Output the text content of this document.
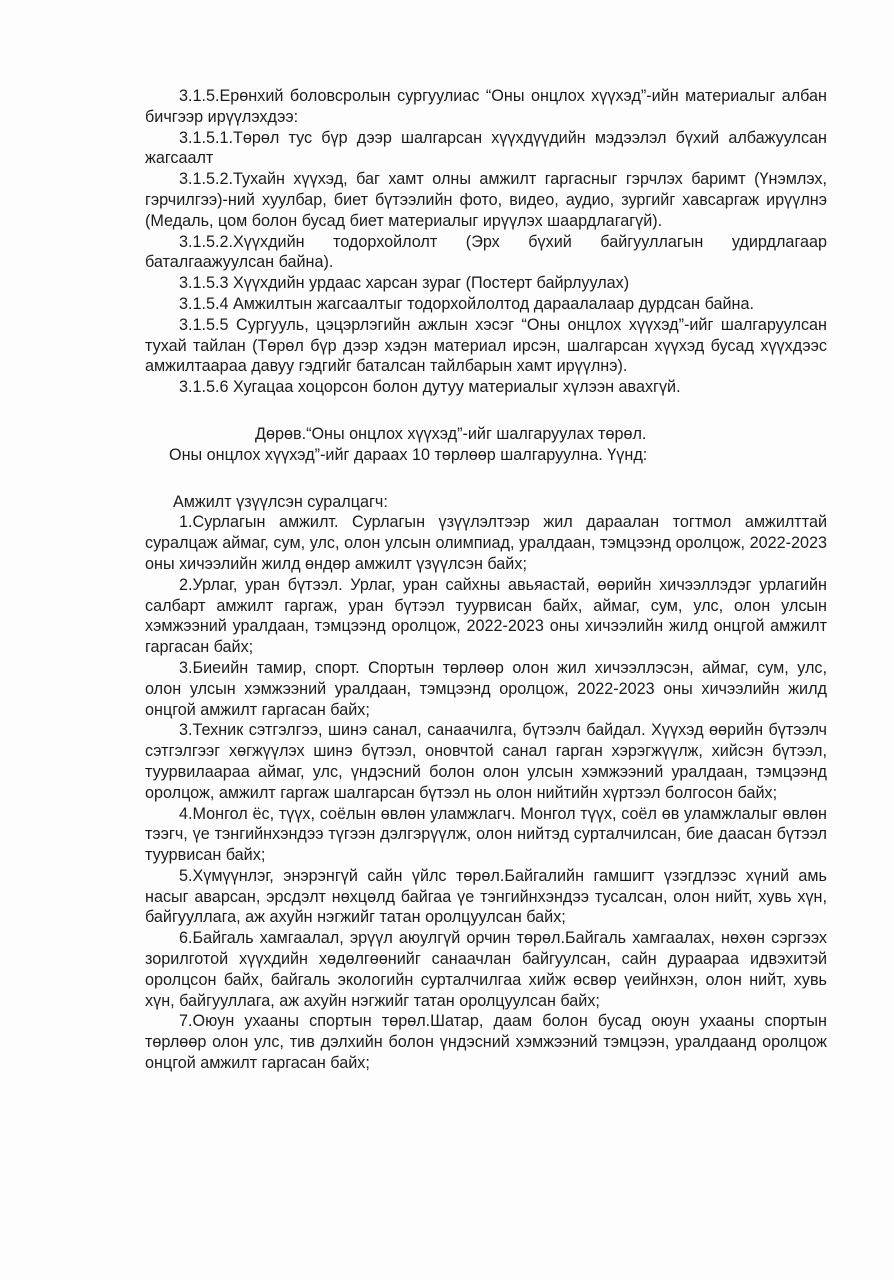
3.1.5.Ерөнхий боловсролын сургуулиас “Оны онцлох хүүхэд”-ийн материалыг албан бичгээр ирүүлэхдээ:

3.1.5.1.Төрөл тус бүр дээр шалгарсан хүүхдүүдийн мэдээлэл бүхий албажуулсан жагсаалт

3.1.5.2.Тухайн хүүхэд, баг хамт олны амжилт гаргасныг гэрчлэх баримт (Үнэмлэх, гэрчилгээ)-ний хуулбар, биет бүтээлийн фото, видео, аудио, зургийг хавсаргаж ирүүлнэ (Медаль, цом болон бусад биет материалыг ирүүлэх шаардлагагүй).

3.1.5.2.Хүүхдийн тодорхойлолт (Эрх бүхий байгууллагын удирдлагаар баталгаажуулсан байна).

3.1.5.3 Хүүхдийн урдаас харсан зураг (Постерт байрлуулах)

3.1.5.4 Амжилтын жагсаалтыг тодорхойлолтод дараалалаар дурдсан байна.

3.1.5.5 Сургууль, цэцэрлэгийн ажлын хэсэг “Оны онцлох хүүхэд”-ийг шалгаруулсан тухай тайлан (Төрөл бүр дээр хэдэн материал ирсэн, шалгарсан хүүхэд бусад хүүхдээс амжилтаараа давуу гэдгийг баталсан тайлбарын хамт ирүүлнэ).

3.1.5.6 Хугацаа хоцорсон болон дутуу материалыг хүлээн авахгүй.

Дөрөв.“Оны онцлох хүүхэд”-ийг шалгаруулах төрөл.

Оны онцлох хүүхэд”-ийг дараах 10 төрлөөр шалгаруулна. Үүнд:

Амжилт үзүүлсэн суралцагч:

1.Сурлагын амжилт. Сурлагын үзүүлэлтээр жил дараалан тогтмол амжилттай суралцаж аймаг, сум, улс, олон улсын олимпиад, уралдаан, тэмцээнд оролцож, 2022-2023 оны хичээлийн жилд өндөр амжилт үзүүлсэн байх;

2.Урлаг, уран бүтээл. Урлаг, уран сайхны авьяастай, өөрийн хичээллэдэг урлагийн салбарт амжилт гаргаж, уран бүтээл туурвисан байх, аймаг, сум, улс, олон улсын хэмжээний уралдаан, тэмцээнд оролцож, 2022-2023 оны хичээлийн жилд онцгой амжилт гаргасан байх;

3.Биеийн тамир, спорт. Спортын төрлөөр олон жил хичээллэсэн, аймаг, сум, улс, олон улсын хэмжээний уралдаан, тэмцээнд оролцож, 2022-2023 оны хичээлийн жилд онцгой амжилт гаргасан байх;

3.Техник сэтгэлгээ, шинэ санал, санаачилга, бүтээлч байдал. Хүүхэд өөрийн бүтээлч сэтгэлгээг хөгжүүлэх шинэ бүтээл, оновчтой санал гарган хэрэгжүүлж, хийсэн бүтээл, туурвилаараа аймаг, улс, үндэсний болон олон улсын хэмжээний уралдаан, тэмцээнд оролцож, амжилт гаргаж шалгарсан бүтээл нь олон нийтийн хүртээл болгосон байх;

4.Монгол ёс, түүх, соёлын өвлөн уламжлагч. Монгол түүх, соёл өв уламжлалыг өвлөн тээгч, үе тэнгийнхэндээ түгээн дэлгэрүүлж, олон нийтэд сурталчилсан, бие даасан бүтээл туурвисан байх;

5.Хүмүүнлэг, энэрэнгүй сайн үйлс төрөл.Байгалийн гамшигт үзэгдлээс хүний амь насыг аварсан, эрсдэлт нөхцөлд байгаа үе тэнгийнхэндээ тусалсан, олон нийт, хувь хүн, байгууллага, аж ахуйн нэгжийг татан оролцуулсан байх;

6.Байгаль хамгаалал, эрүүл аюулгүй орчин төрөл.Байгаль хамгаалах, нөхөн сэргээх зорилготой хүүхдийн хөдөлгөөнийг санаачлан байгуулсан, сайн дураараа идвэхитэй оролцсон байх, байгаль экологийн сурталчилгаа хийж өсвөр үеийнхэн, олон нийт, хувь хүн, байгууллага, аж ахуйн нэгжийг татан оролцуулсан байх;

7.Оюун ухааны спортын төрөл.Шатар, даам болон бусад оюун ухааны спортын төрлөөр олон улс, тив дэлхийн болон үндэсний хэмжээний тэмцээн, уралдаанд оролцож онцгой амжилт гаргасан байх;
